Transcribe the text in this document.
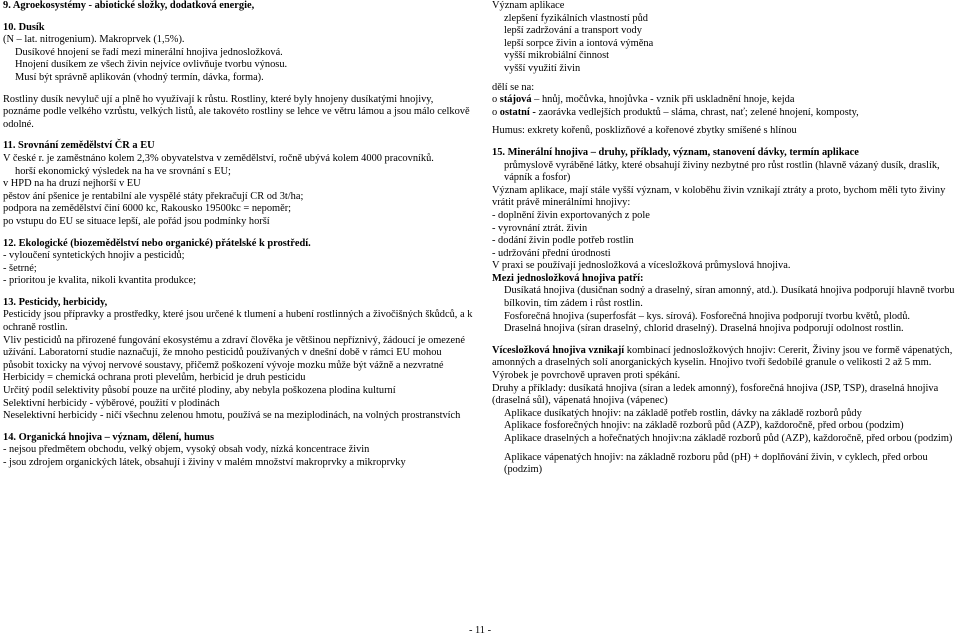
9. Agroekosystémy - abiotické složky, dodatková energie,
10. Dusík
(N – lat. nitrogenium). Makroprvek (1,5%).
Dusíkové hnojení se řadí mezi minerální hnojiva jednosložková.
Hnojení dusíkem ze všech živin nejvíce ovlivňuje tvorbu výnosu.
Musí být správně aplikován (vhodný termín, dávka, forma).
Rostliny dusík nevyluč ují a plně ho využívají k růstu. Rostliny, které byly hnojeny dusíkatými hnojivy, poznáme podle velkého vzrůstu, velkých listů, ale takovéto rostliny se lehce ve větru lámou a jsou málo celkově odolné.
11. Srovnání zemědělství ČR a EU
V české r. je zaměstnáno kolem 2,3% obyvatelstva v zemědělství, ročně ubývá kolem 4000 pracovníků.
horší ekonomický výsledek na ha ve srovnání s EU;
v HPD na ha druzí nejhorší v EU
pěstov ání pšenice je rentabilní ale vyspělé státy překračují CR od 3t/ha;
podpora na zemědělství činí 6000 kc, Rakousko 19500kc = nepoměr;
po vstupu do EU se situace lepší, ale pořád jsou podmínky horší
12. Ekologické (biozemědělství nebo organické) přátelské k prostředí.
- vyloučení syntetických hnojiv a pesticidů;
- šetrné;
- prioritou je kvalita, nikoli kvantita produkce;
13. Pesticidy, herbicidy,
Pesticidy jsou přípravky a prostředky, které jsou určené k tlumení a hubení rostlinných a živočišných škůdců, a k ochraně rostlin.
Vliv pesticidů na přirozené fungování ekosystému a zdraví člověka je většinou nepříznivý, žádoucí je omezené užívání. Laboratorní studie naznačují, že mnoho pesticidů používaných v dnešní době v rámci EU mohou působit toxicky na vývoj nervové soustavy, přičemž poškození vývoje mozku může být vážně a nezvratné
Herbicidy = chemická ochrana proti plevelům, herbicid je druh pesticidu
Určitý podíl selektivity působí pouze na určité plodiny, aby nebyla poškozena plodina kulturní
Selektivní herbicidy - výběrové, použití v plodinách
Neselektivní herbicidy - ničí všechnu zelenou hmotu, používá se na meziplodinách, na volných prostranstvích
14. Organická hnojiva – význam, dělení, humus
- nejsou předmětem obchodu, velký objem, vysoký obsah vody, nízká koncentrace živin
- jsou zdrojem organických látek, obsahují i živiny v malém množství makroprvky a mikroprvky
Význam aplikace
zlepšení fyzikálních vlastností půd
lepší zadržování a transport vody
lepší sorpce živin a iontová výměna
vyšší mikrobiální činnost
vyšší využití živin
dělí se na:
o stájová – hnůj, močůvka, hnojůvka - vznik při uskladnění hnoje, kejda
o ostatní - zaorávka vedlejších produktů – sláma, chrast, nať; zelené hnojení, komposty,
Humus: exkrety kořenů, posklizňové a kořenové zbytky smíšené s hlínou
15. Minerální hnojiva – druhy, příklady, význam, stanovení dávky, termín aplikace
průmyslově vyráběné látky, které obsahují živiny nezbytné pro růst rostlin (hlavně vázaný dusík, draslík, vápník a fosfor)
Význam aplikace, mají stále vyšší význam, v koloběhu živin vznikají ztráty a proto, bychom měli tyto živiny vrátit právě minerálními hnojivy:
- doplnění živin exportovaných z pole
- vyrovnání ztrát. živin
- dodání živin podle potřeb rostlin
- udržování přední úrodnosti
V praxi se používají jednosložková a vícesložková průmyslová hnojiva.
Mezi jednosložková hnojiva patří:
Dusíkatá hnojiva (dusičnan sodný a draselný, síran amonný, atd.). Dusíkatá hnojiva podporují hlavně tvorbu bílkovin, tím zádem i růst rostlin.
Fosforečná hnojiva (superfosfát – kys. sírová). Fosforečná hnojiva podporují tvorbu květů, plodů.
Draselná hnojiva (síran draselný, chlorid draselný). Draselná hnojiva podporují odolnost rostlin.
Vícesložková hnojiva vznikají kombinací jednosložkových hnojiv: Cererit, Živiny jsou ve formě vápenatých, amonných a draselných solí anorganických kyselin. Hnojivo tvoří šedobílé granule o velikosti 2 až 5 mm. Výrobek je povrchově upraven proti spékání.
Druhy a příklady: dusíkatá hnojiva (síran a ledek amonný), fosforečná hnojiva (JSP, TSP), draselná hnojiva (draselná sůl), vápenatá hnojiva (vápenec)
Aplikace dusíkatých hnojiv: na základě potřeb rostlin, dávky na základě rozborů půdy
Aplikace fosforečných hnojiv: na základě rozborů půd (AZP), každoročně, před orbou (podzim)
Aplikace draselných a hořečnatých hnojiv:na základě rozborů půd (AZP), každoročně, před orbou (podzim)
Aplikace vápenatých hnojiv: na základně rozboru půd (pH) + doplňování živin, v cyklech, před orbou (podzim)
- 11 -
